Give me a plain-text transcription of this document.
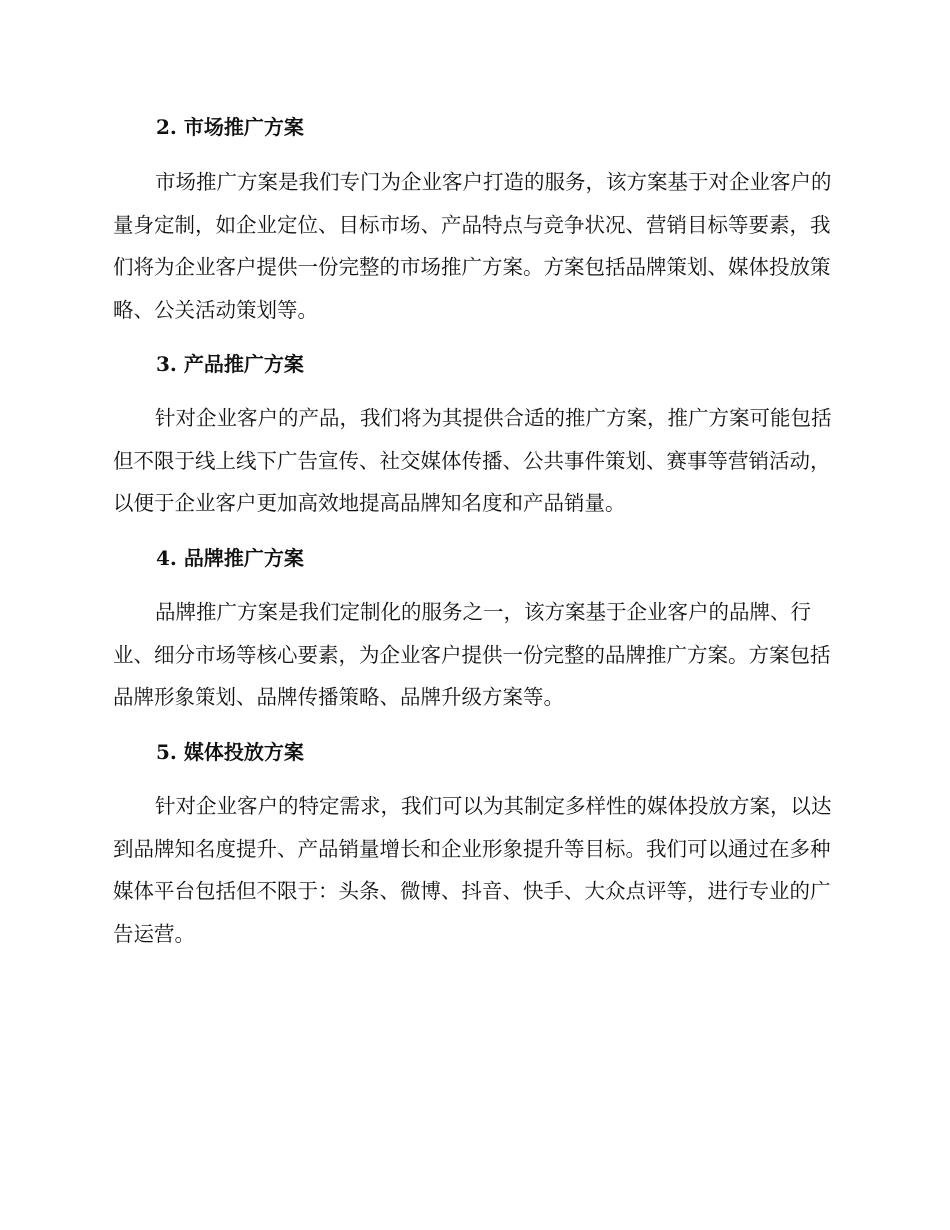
2. 市场推广方案

市场推广方案是我们专门为企业客户打造的服务，该方案基于对企业客户的量身定制，如企业定位、目标市场、产品特点与竞争状况、营销目标等要素，我们将为企业客户提供一份完整的市场推广方案。方案包括品牌策划、媒体投放策略、公关活动策划等。

3. 产品推广方案

针对企业客户的产品，我们将为其提供合适的推广方案，推广方案可能包括但不限于线上线下广告宣传、社交媒体传播、公共事件策划、赛事等营销活动，以便于企业客户更加高效地提高品牌知名度和产品销量。

4. 品牌推广方案

品牌推广方案是我们定制化的服务之一，该方案基于企业客户的品牌、行业、细分市场等核心要素，为企业客户提供一份完整的品牌推广方案。方案包括品牌形象策划、品牌传播策略、品牌升级方案等。

5. 媒体投放方案

针对企业客户的特定需求，我们可以为其制定多样性的媒体投放方案，以达到品牌知名度提升、产品销量增长和企业形象提升等目标。我们可以通过在多种媒体平台包括但不限于：头条、微博、抖音、快手、大众点评等，进行专业的广告运营。
